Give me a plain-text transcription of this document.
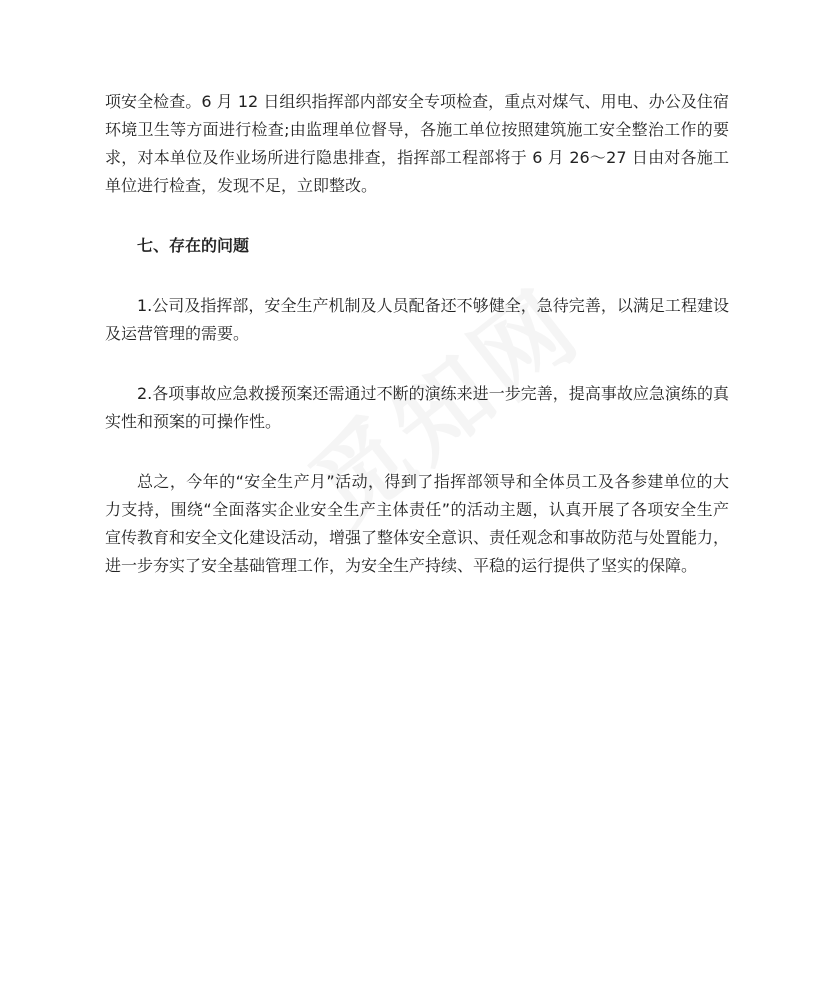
项安全检查。6 月 12 日组织指挥部内部安全专项检查，重点对煤气、用电、办公及住宿环境卫生等方面进行检查;由监理单位督导，各施工单位按照建筑施工安全整治工作的要求，对本单位及作业场所进行隐患排查，指挥部工程部将于 6 月 26～27 日由对各施工单位进行检查，发现不足，立即整改。

七、存在的问题

1.公司及指挥部，安全生产机制及人员配备还不够健全，急待完善，以满足工程建设及运营管理的需要。

2.各项事故应急救援预案还需通过不断的演练来进一步完善，提高事故应急演练的真实性和预案的可操作性。

总之，今年的“安全生产月”活动，得到了指挥部领导和全体员工及各参建单位的大力支持，围绕“全面落实企业安全生产主体责任”的活动主题，认真开展了各项安全生产宣传教育和安全文化建设活动，增强了整体安全意识、责任观念和事故防范与处置能力，进一步夯实了安全基础管理工作，为安全生产持续、平稳的运行提供了坚实的保障。
